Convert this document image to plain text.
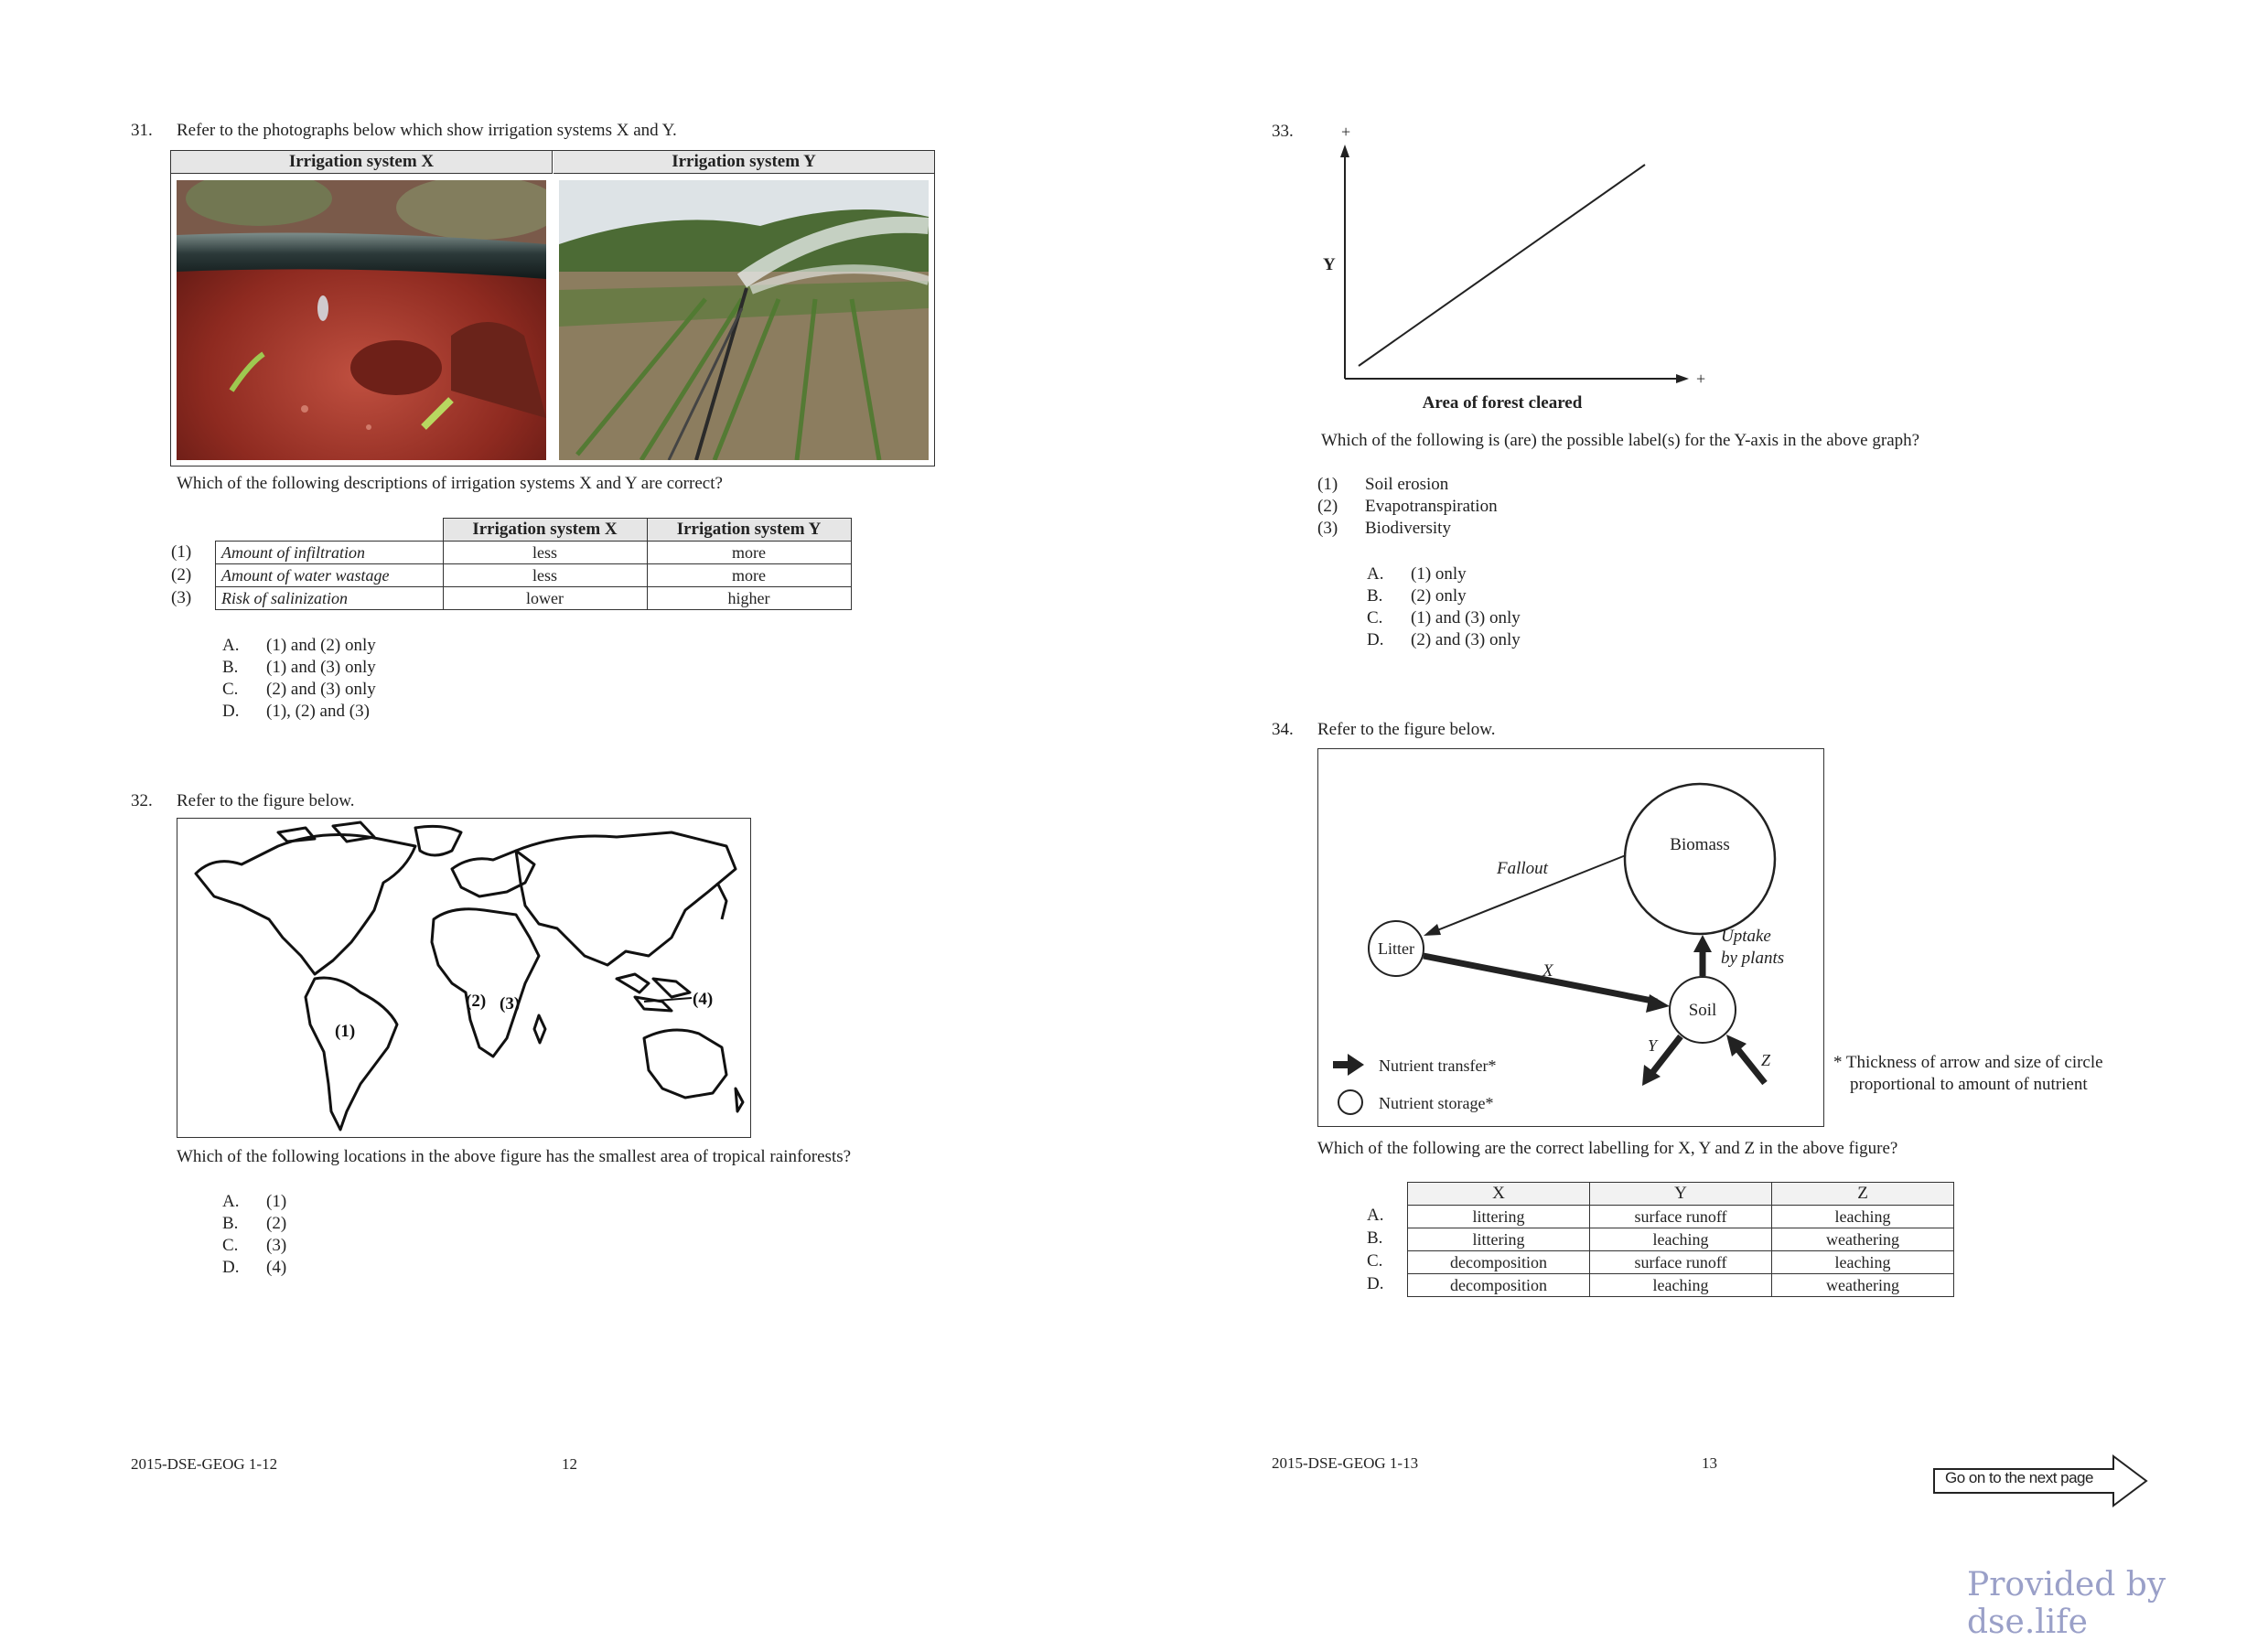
31. Refer to the photographs below which show irrigation systems X and Y.
Irrigation system X	Irrigation system Y
Which of the following descriptions of irrigation systems X and Y are correct?
(1)
(2)
(3)
	Irrigation system X	Irrigation system Y
Amount of infiltration	less	more
Amount of water wastage	less	more
Risk of salinization	lower	higher
A. (1) and (2) only
B. (1) and (3) only
C. (2) and (3) only
D. (1), (2) and (3)
32. Refer to the figure below.
(1)
(2) (3)	(4)
Which of the following locations in the above figure has the smallest area of tropical rainforests?
A. (1)
B. (2)
C. (3)
D. (4)
2015-DSE-GEOG 1-12	12
33.	+
+
Y
Area of forest cleared
Which of the following is (are) the possible label(s) for the Y-axis in the above graph?
(1) Soil erosion
(2) Evapotranspiration
(3) Biodiversity
A. (1) only
B. (2) only
C. (1) and (3) only
D. (2) and (3) only
34. Refer to the figure below.
Biomass
Litter
Soil
Fallout
X
Uptake
by plants
Y
Z
Nutrient transfer*
Nutrient storage*
* Thickness of arrow and size of circle
proportional to amount of nutrient
Which of the following are the correct labelling for X, Y and Z in the above figure?
A.
B.
C.
D.
X	Y	Z
littering	surface runoff	leaching
littering	leaching	weathering
decomposition	surface runoff	leaching
decomposition	leaching	weathering
2015-DSE-GEOG 1-13	13
Go on to the next page
Provided by dse.life
